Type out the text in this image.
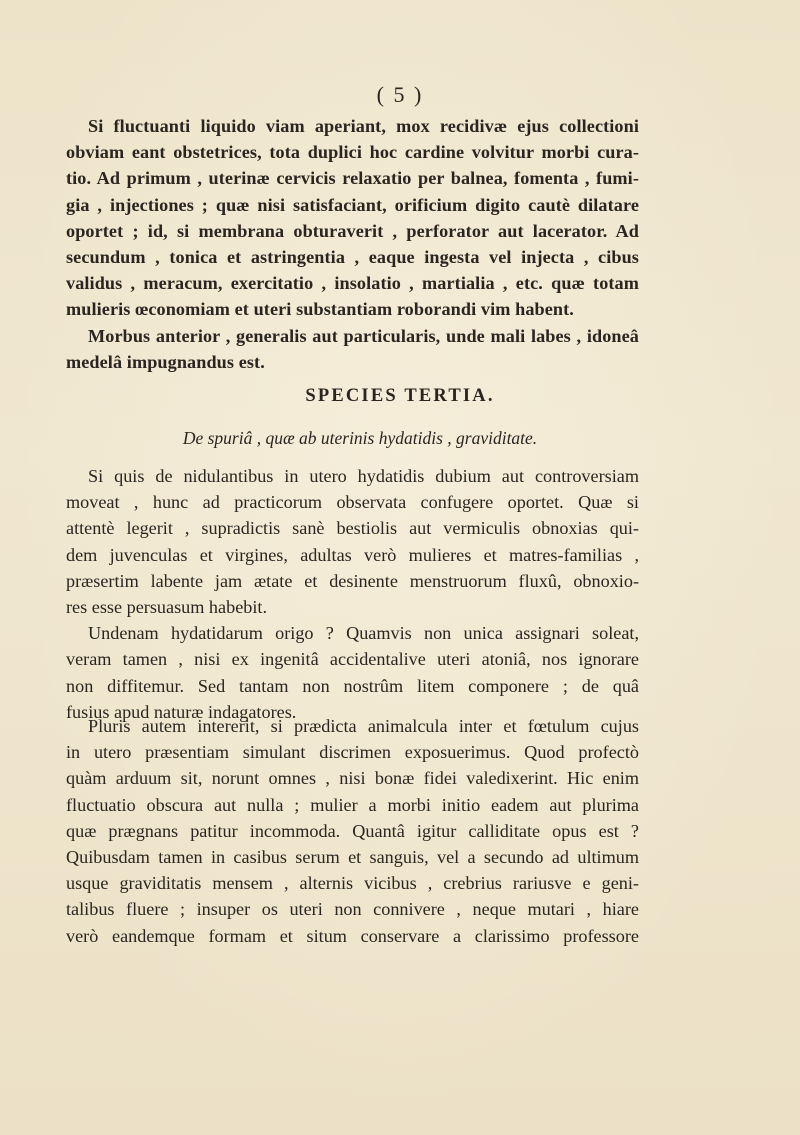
( 5 )
Si fluctuanti liquido viam aperiant, mox recidivæ ejus collectioni
obviam eant obstetrices, tota duplici hoc cardine volvitur morbi cura-
tio. Ad primum , uterinæ cervicis relaxatio per balnea, fomenta , fumi-
gia , injectiones ; quæ nisi satisfaciant, orificium digito cautè dilatare
oportet ; id, si membrana obturaverit , perforator aut lacerator. Ad
secundum , tonica et astringentia , eaque ingesta vel injecta , cibus
validus , meracum, exercitatio , insolatio , martialia , etc. quæ totam
mulieris œconomiam et uteri substantiam roborandi vim habent.
Morbus anterior , generalis aut particularis, unde mali labes , idoneâ
medelâ impugnandus est.
SPECIES TERTIA.
De spuriâ , quæ ab uterinis hydatidis , graviditate.
Si quis de nidulantibus in utero hydatidis dubium aut controversiam
moveat , hunc ad practicorum observata confugere oportet. Quæ si
attentè legerit , supradictis sanè bestiolis aut vermiculis obnoxias qui-
dem juvenculas et virgines, adultas verò mulieres et matres-familias ,
præsertim labente jam ætate et desinente menstruorum fluxû, obnoxio-
res esse persuasum habebit.
Undenam hydatidarum origo ? Quamvis non unica assignari soleat,
veram tamen , nisi ex ingenitâ accidentalive uteri atoniâ, nos ignorare
non diffitemur. Sed tantam non nostrûm litem componere ; de quâ
fusius apud naturæ indagatores.
Pluris autem intererit, si prædicta animalcula inter et fœtulum cujus
in utero præsentiam simulant discrimen exposuerimus. Quod profectò
quàm arduum sit, norunt omnes , nisi bonæ fidei valedixerint. Hic enim
fluctuatio obscura aut nulla ; mulier a morbi initio eadem aut plurima
quæ prægnans patitur incommoda. Quantâ igitur calliditate opus est ?
Quibusdam tamen in casibus serum et sanguis, vel a secundo ad ultimum
usque graviditatis mensem , alternis vicibus , crebrius rariusve e geni-
talibus fluere ; insuper os uteri non connivere , neque mutari , hiare
verò eandemque formam et situm conservare a clarissimo professore
